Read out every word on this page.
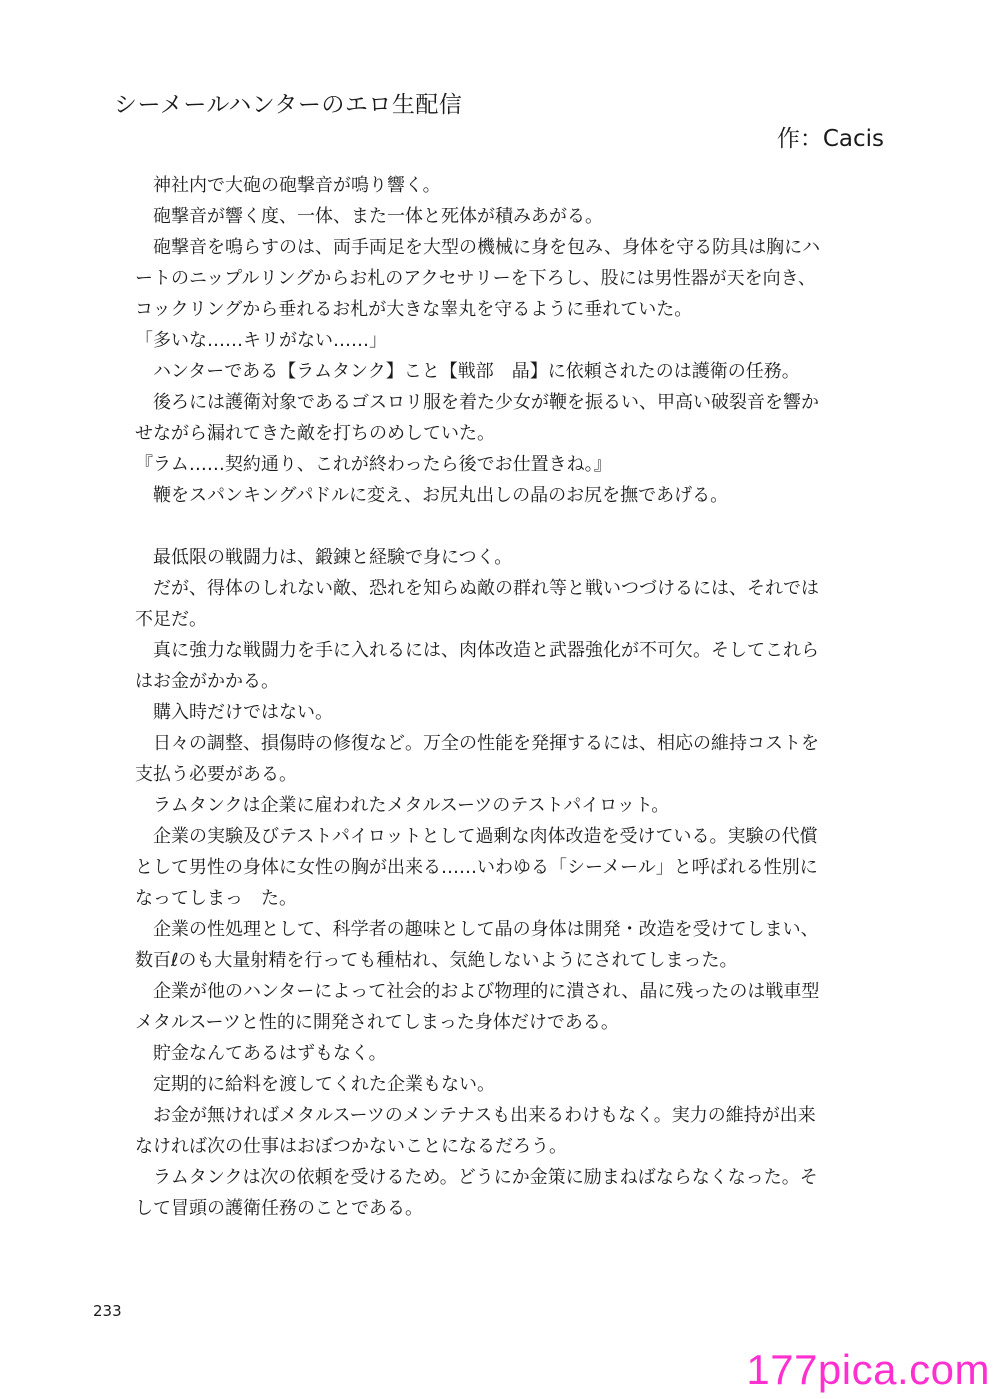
シーメールハンターのエロ生配信
作：Cacis
　神社内で大砲の砲撃音が鳴り響く。
　砲撃音が響く度、一体、また一体と死体が積みあがる。
　砲撃音を鳴らすのは、両手両足を大型の機械に身を包み、身体を守る防具は胸にハ
ートのニップルリングからお札のアクセサリーを下ろし、股には男性器が天を向き、
コックリングから垂れるお札が大きな睾丸を守るように垂れていた。
「多いな……キリがない……」
　ハンターである【ラムタンク】こと【戦部　晶】に依頼されたのは護衛の任務。
　後ろには護衛対象であるゴスロリ服を着た少女が鞭を振るい、甲高い破裂音を響か
せながら漏れてきた敵を打ちのめしていた。
『ラム……契約通り、これが終わったら後でお仕置きね。』
　鞭をスパンキングパドルに変え、お尻丸出しの晶のお尻を撫であげる。
　最低限の戦闘力は、鍛錬と経験で身につく。
　だが、得体のしれない敵、恐れを知らぬ敵の群れ等と戦いつづけるには、それでは
不足だ。
　真に強力な戦闘力を手に入れるには、肉体改造と武器強化が不可欠。そしてこれら
はお金がかかる。
　購入時だけではない。
　日々の調整、損傷時の修復など。万全の性能を発揮するには、相応の維持コストを
支払う必要がある。
　ラムタンクは企業に雇われたメタルスーツのテストパイロット。
　企業の実験及びテストパイロットとして過剰な肉体改造を受けている。実験の代償
として男性の身体に女性の胸が出来る……いわゆる「シーメール」と呼ばれる性別に
なってしまっ　た。
　企業の性処理として、科学者の趣味として晶の身体は開発・改造を受けてしまい、
数百ℓのも大量射精を行っても種枯れ、気絶しないようにされてしまった。
　企業が他のハンターによって社会的および物理的に潰され、晶に残ったのは戦車型
メタルスーツと性的に開発されてしまった身体だけである。
　貯金なんてあるはずもなく。
　定期的に給料を渡してくれた企業もない。
　お金が無ければメタルスーツのメンテナスも出来るわけもなく。実力の維持が出来
なければ次の仕事はおぼつかないことになるだろう。
　ラムタンクは次の依頼を受けるため。どうにか金策に励まねばならなくなった。そ
して冒頭の護衛任務のことである。
233
177pica.com
